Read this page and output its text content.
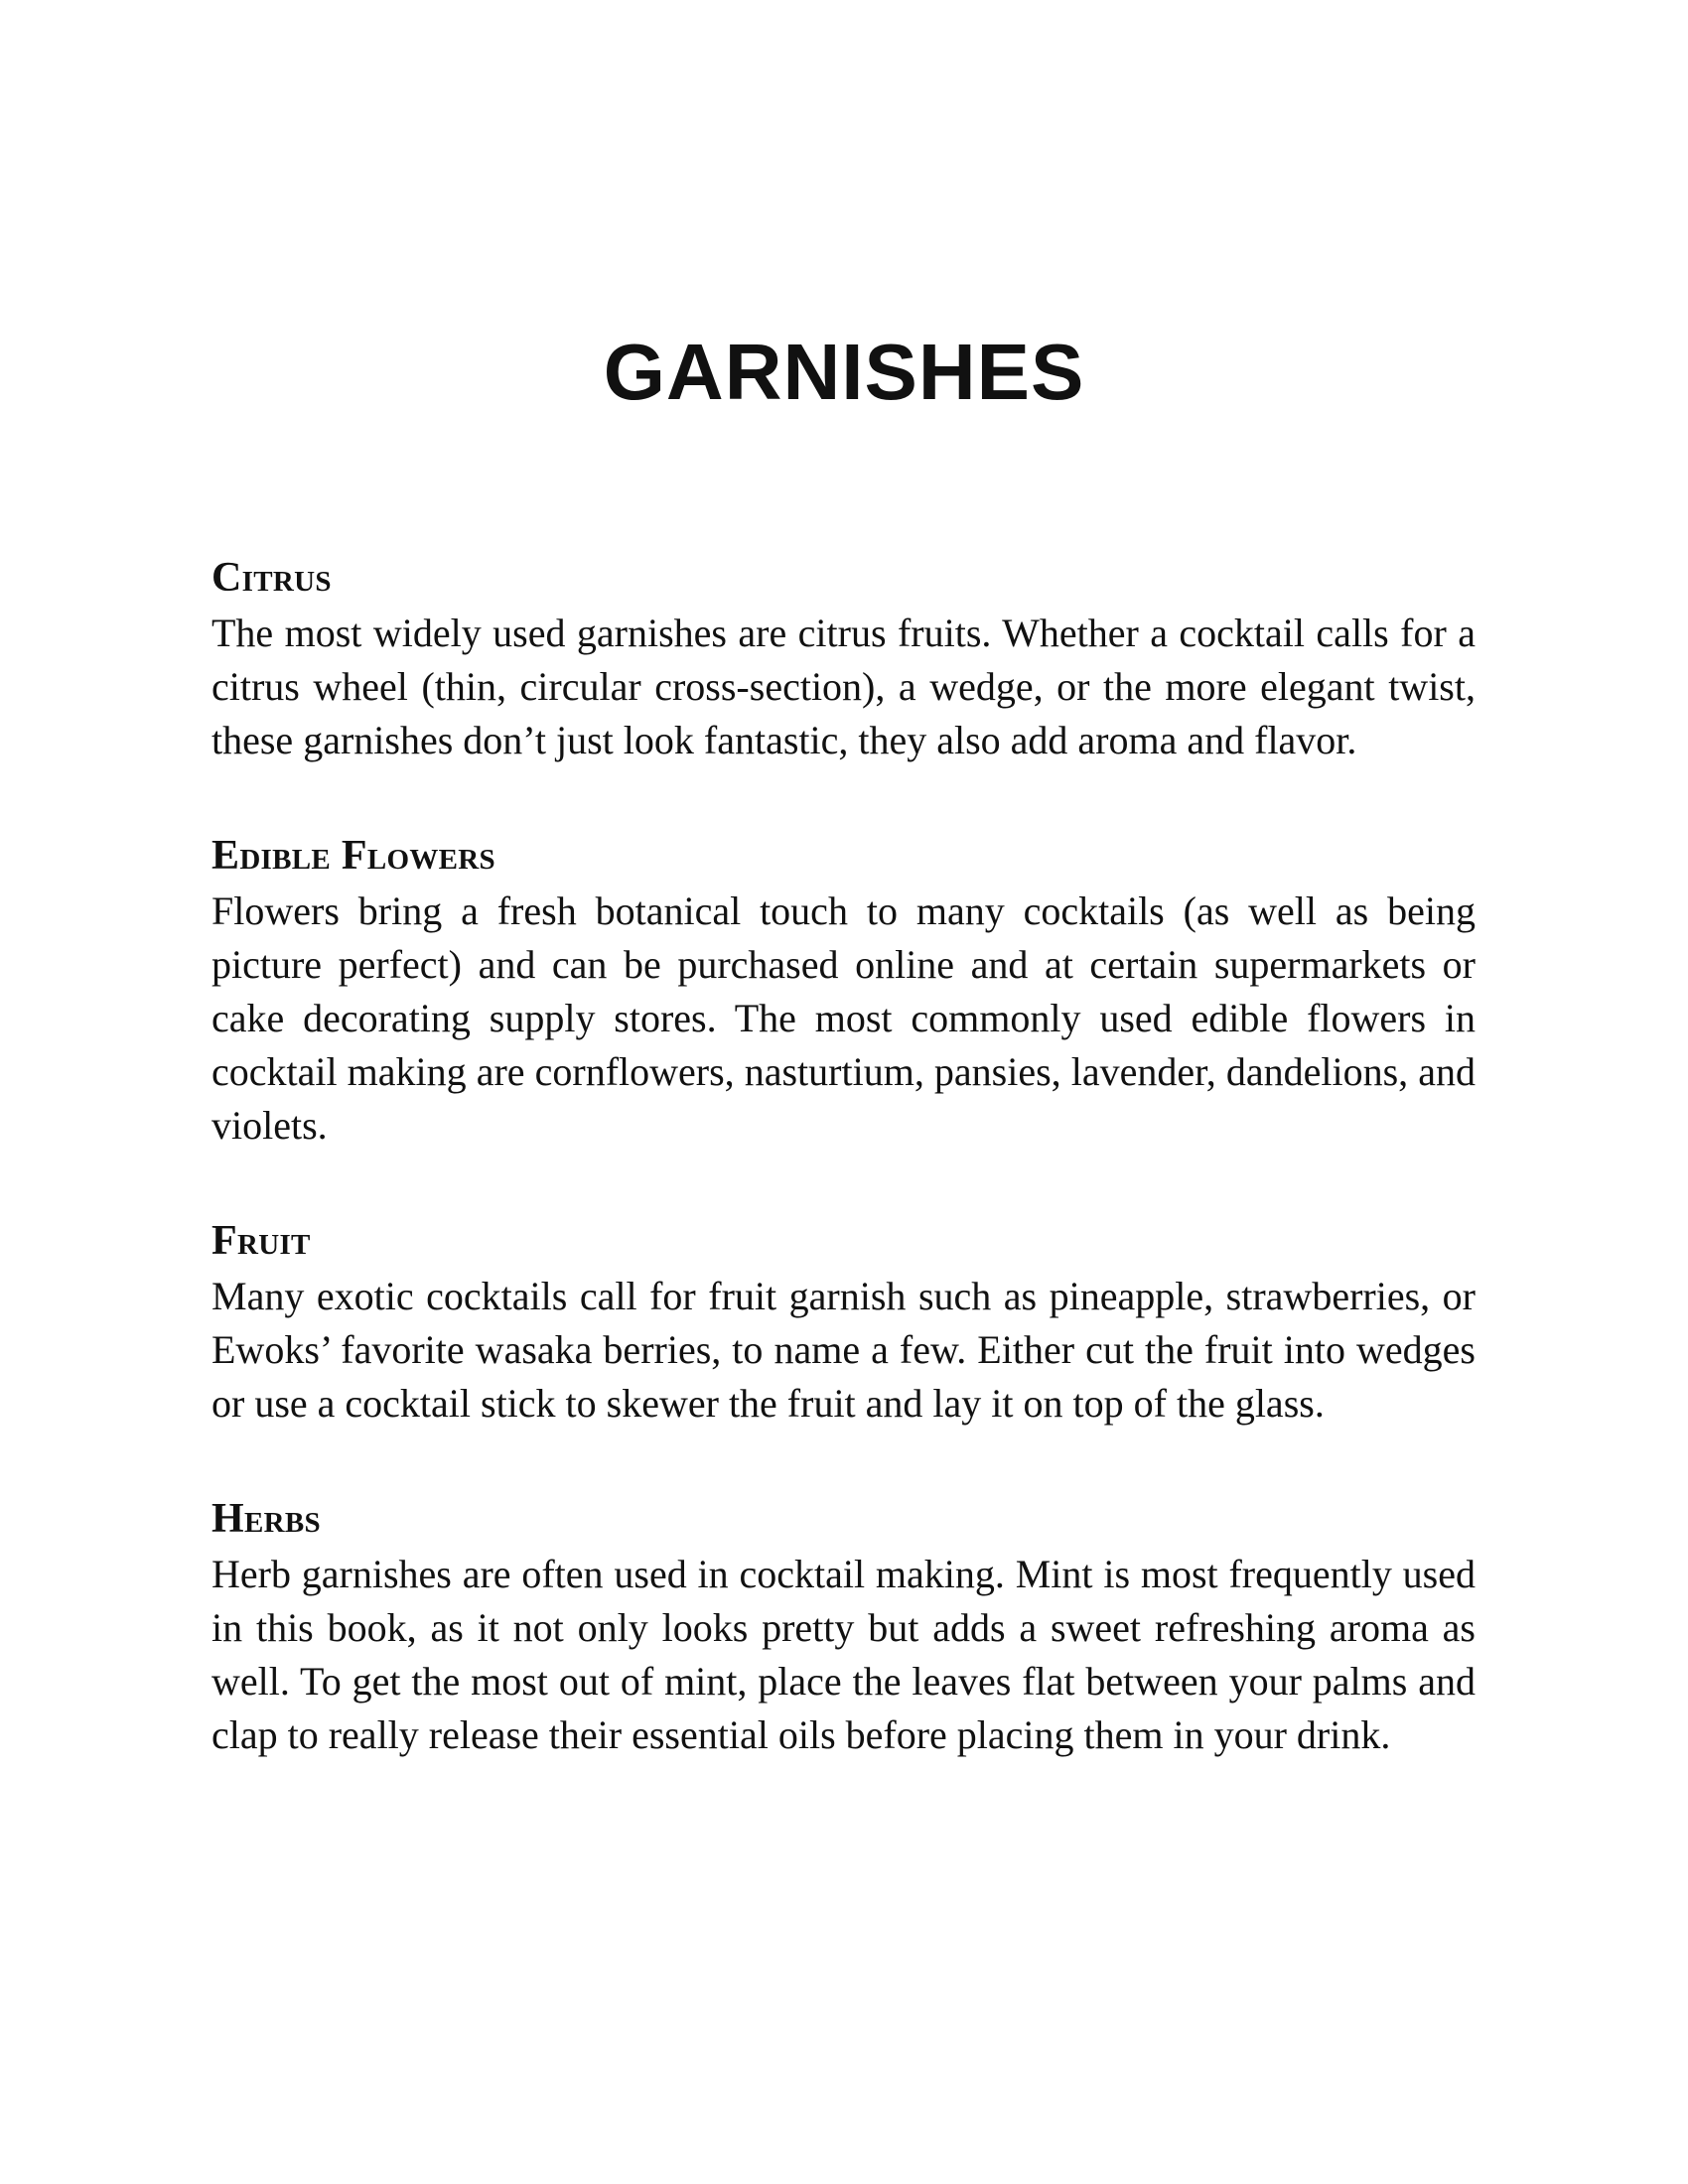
GARNISHES
Citrus

The most widely used garnishes are citrus fruits. Whether a cocktail calls for a citrus wheel (thin, circular cross-section), a wedge, or the more elegant twist, these garnishes don’t just look fantastic, they also add aroma and flavor.

Edible Flowers

Flowers bring a fresh botanical touch to many cocktails (as well as being picture perfect) and can be purchased online and at certain supermarkets or cake decorating supply stores. The most commonly used edible flowers in cocktail making are cornflowers, nasturtium, pansies, lavender, dandelions, and violets.

Fruit

Many exotic cocktails call for fruit garnish such as pineapple, strawberries, or Ewoks’ favorite wasaka berries, to name a few. Either cut the fruit into wedges or use a cocktail stick to skewer the fruit and lay it on top of the glass.

Herbs

Herb garnishes are often used in cocktail making. Mint is most frequently used in this book, as it not only looks pretty but adds a sweet refreshing aroma as well. To get the most out of mint, place the leaves flat between your palms and clap to really release their essential oils before placing them in your drink.
